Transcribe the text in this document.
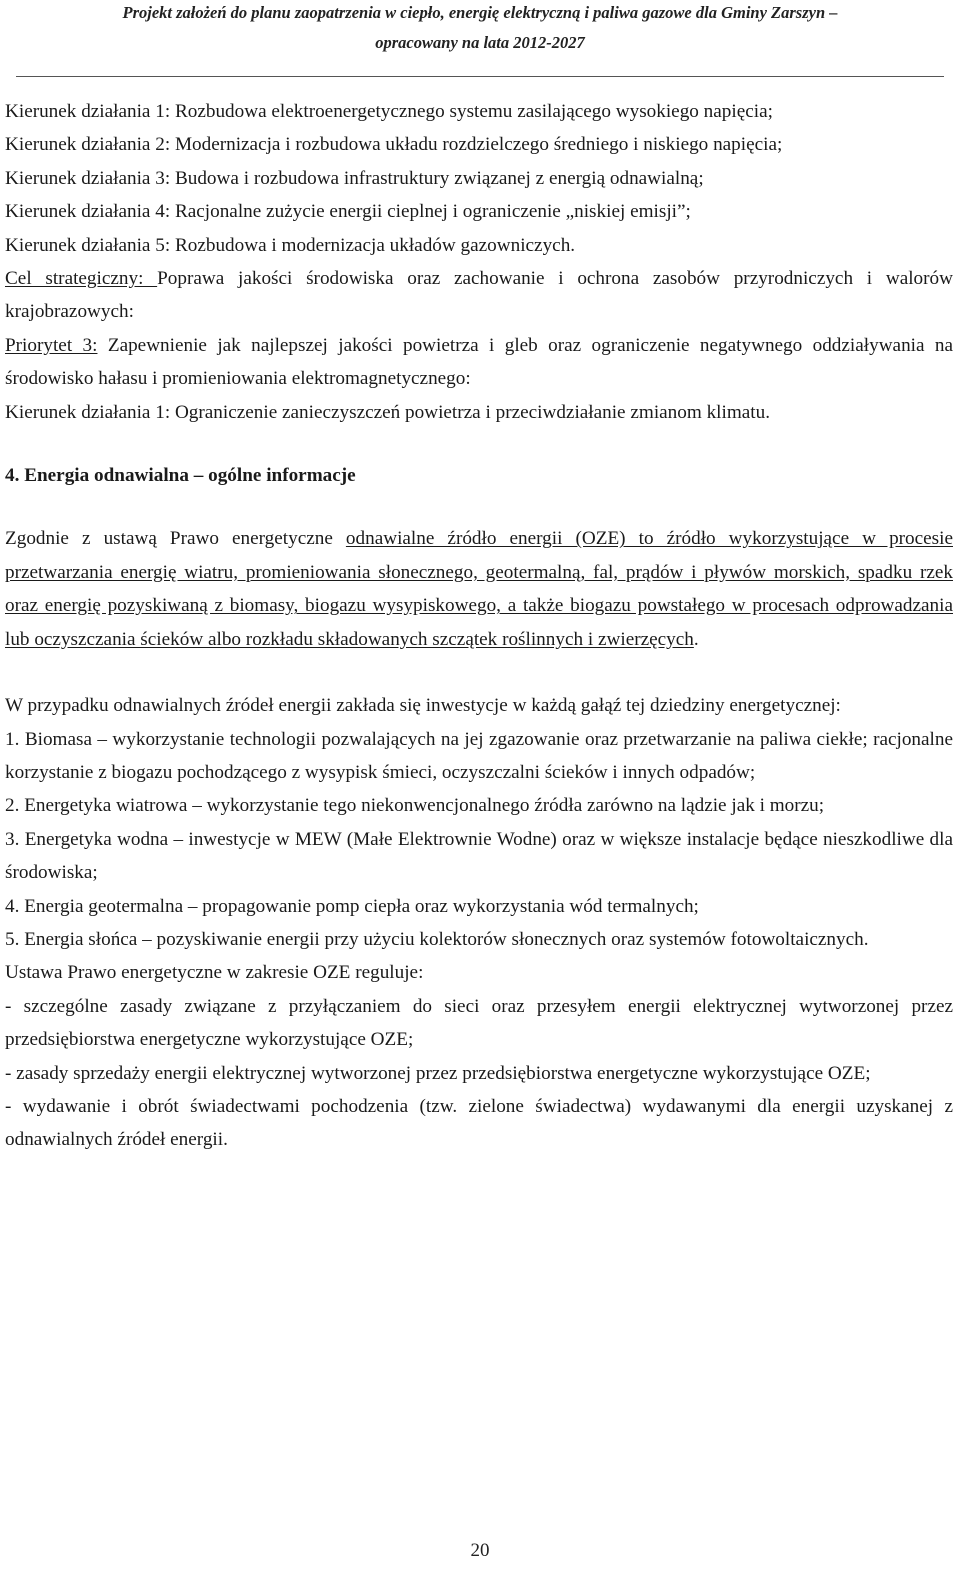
Projekt założeń do planu zaopatrzenia w ciepło, energię elektryczną i paliwa gazowe dla Gminy Zarszyn –
opracowany na lata 2012-2027

Kierunek działania 1: Rozbudowa elektroenergetycznego systemu zasilającego wysokiego napięcia;

Kierunek działania 2: Modernizacja i rozbudowa układu rozdzielczego średniego i niskiego napięcia;

Kierunek działania 3: Budowa i rozbudowa infrastruktury związanej z energią odnawialną;

Kierunek działania 4: Racjonalne zużycie energii cieplnej i ograniczenie „niskiej emisji”;

Kierunek działania 5: Rozbudowa i modernizacja układów gazowniczych.

Cel strategiczny: Poprawa jakości środowiska oraz zachowanie i ochrona zasobów przyrodniczych i walorów krajobrazowych:

Priorytet 3: Zapewnienie jak najlepszej jakości powietrza i gleb oraz ograniczenie negatywnego oddziaływania na środowisko hałasu i promieniowania elektromagnetycznego:

Kierunek działania 1: Ograniczenie zanieczyszczeń powietrza i przeciwdziałanie zmianom klimatu.

4. Energia odnawialna – ogólne informacje

Zgodnie z ustawą Prawo energetyczne odnawialne źródło energii (OZE) to źródło wykorzystujące w procesie przetwarzania energię wiatru, promieniowania słonecznego, geotermalną, fal, prądów i pływów morskich, spadku rzek oraz energię pozyskiwaną z biomasy, biogazu wysypiskowego, a także biogazu powstałego w procesach odprowadzania lub oczyszczania ścieków albo rozkładu składowanych szczątek roślinnych i zwierzęcych.

W przypadku odnawialnych źródeł energii zakłada się inwestycje w każdą gałąź tej dziedziny energetycznej:

1. Biomasa – wykorzystanie technologii pozwalających na jej zgazowanie oraz przetwarzanie na paliwa ciekłe; racjonalne korzystanie z biogazu pochodzącego z wysypisk śmieci, oczyszczalni ścieków i innych odpadów;

2. Energetyka wiatrowa – wykorzystanie tego niekonwencjonalnego źródła zarówno na lądzie jak i morzu;

3. Energetyka wodna – inwestycje w MEW (Małe Elektrownie Wodne) oraz w większe instalacje będące nieszkodliwe dla środowiska;

4. Energia geotermalna – propagowanie pomp ciepła oraz wykorzystania wód termalnych;

5. Energia słońca – pozyskiwanie energii przy użyciu kolektorów słonecznych oraz systemów fotowoltaicznych.

Ustawa Prawo energetyczne w zakresie OZE reguluje:

- szczególne zasady związane z przyłączaniem do sieci oraz przesyłem energii elektrycznej wytworzonej przez przedsiębiorstwa energetyczne wykorzystujące OZE;

- zasady sprzedaży energii elektrycznej wytworzonej przez przedsiębiorstwa energetyczne wykorzystujące OZE;

- wydawanie i obrót świadectwami pochodzenia (tzw. zielone świadectwa) wydawanymi dla energii uzyskanej z odnawialnych źródeł energii.

20
